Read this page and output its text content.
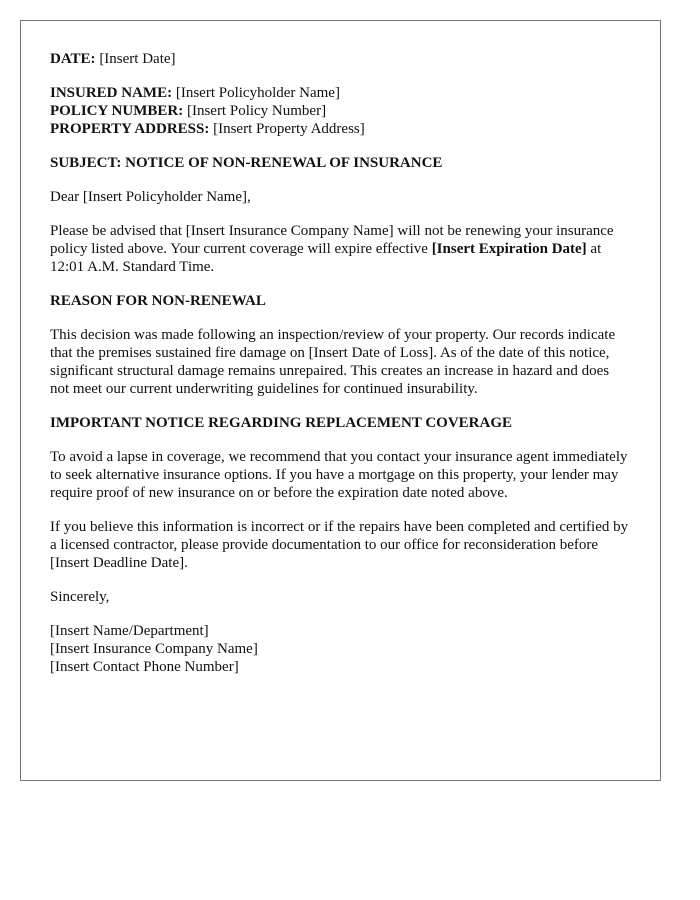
DATE: [Insert Date]

INSURED NAME: [Insert Policyholder Name]
POLICY NUMBER: [Insert Policy Number]
PROPERTY ADDRESS: [Insert Property Address]

SUBJECT: NOTICE OF NON-RENEWAL OF INSURANCE

Dear [Insert Policyholder Name],

Please be advised that [Insert Insurance Company Name] will not be renewing your insurance policy listed above. Your current coverage will expire effective [Insert Expiration Date] at 12:01 A.M. Standard Time.

REASON FOR NON-RENEWAL

This decision was made following an inspection/review of your property. Our records indicate that the premises sustained fire damage on [Insert Date of Loss]. As of the date of this notice, significant structural damage remains unrepaired. This creates an increase in hazard and does not meet our current underwriting guidelines for continued insurability.

IMPORTANT NOTICE REGARDING REPLACEMENT COVERAGE

To avoid a lapse in coverage, we recommend that you contact your insurance agent immediately to seek alternative insurance options. If you have a mortgage on this property, your lender may require proof of new insurance on or before the expiration date noted above.

If you believe this information is incorrect or if the repairs have been completed and certified by a licensed contractor, please provide documentation to our office for reconsideration before [Insert Deadline Date].

Sincerely,

[Insert Name/Department]
[Insert Insurance Company Name]
[Insert Contact Phone Number]
